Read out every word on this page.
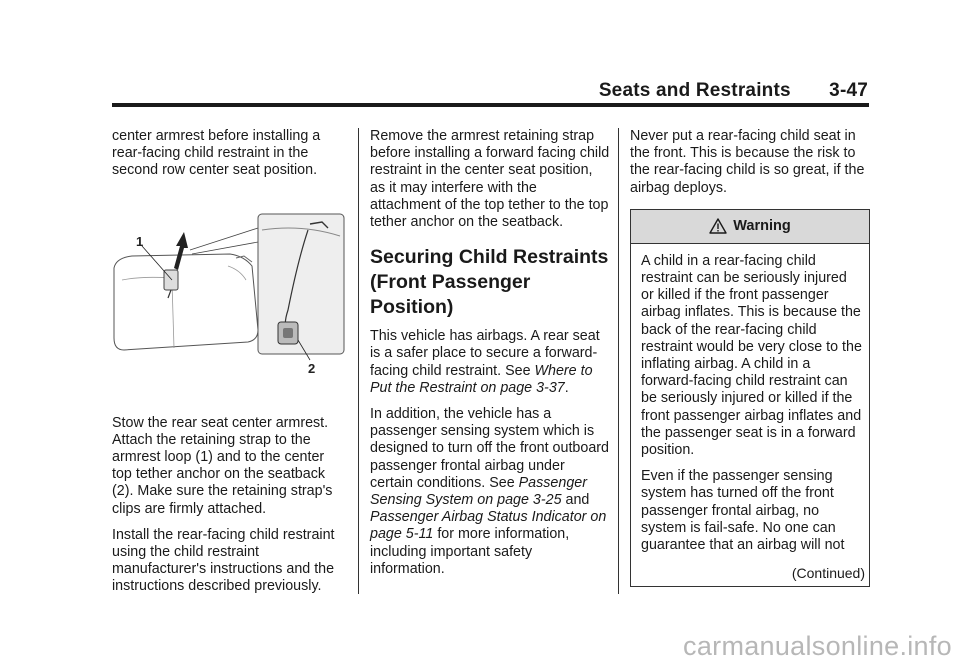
Seats and Restraints  3-47

center armrest before installing a rear-facing child restraint in the second row center seat position.

Stow the rear seat center armrest. Attach the retaining strap to the armrest loop (1) and to the center top tether anchor on the seatback (2). Make sure the retaining strap's clips are firmly attached.

Install the rear-facing child restraint using the child restraint manufacturer's instructions and the instructions described previously.

1
2

Remove the armrest retaining strap before installing a forward facing child restraint in the center seat position, as it may interfere with the attachment of the top tether to the top tether anchor on the seatback.

Securing Child Restraints (Front Passenger Position)

This vehicle has airbags. A rear seat is a safer place to secure a forward-facing child restraint. See Where to Put the Restraint on page 3-37.

In addition, the vehicle has a passenger sensing system which is designed to turn off the front outboard passenger frontal airbag under certain conditions. See Passenger Sensing System on page 3-25 and Passenger Airbag Status Indicator on page 5-11 for more information, including important safety information.

Never put a rear-facing child seat in the front. This is because the risk to the rear-facing child is so great, if the airbag deploys.

Warning

A child in a rear-facing child restraint can be seriously injured or killed if the front passenger airbag inflates. This is because the back of the rear-facing child restraint would be very close to the inflating airbag. A child in a forward-facing child restraint can be seriously injured or killed if the front passenger airbag inflates and the passenger seat is in a forward position.

Even if the passenger sensing system has turned off the front passenger frontal airbag, no system is fail-safe. No one can guarantee that an airbag will not

(Continued)
carmanualsonline.info
